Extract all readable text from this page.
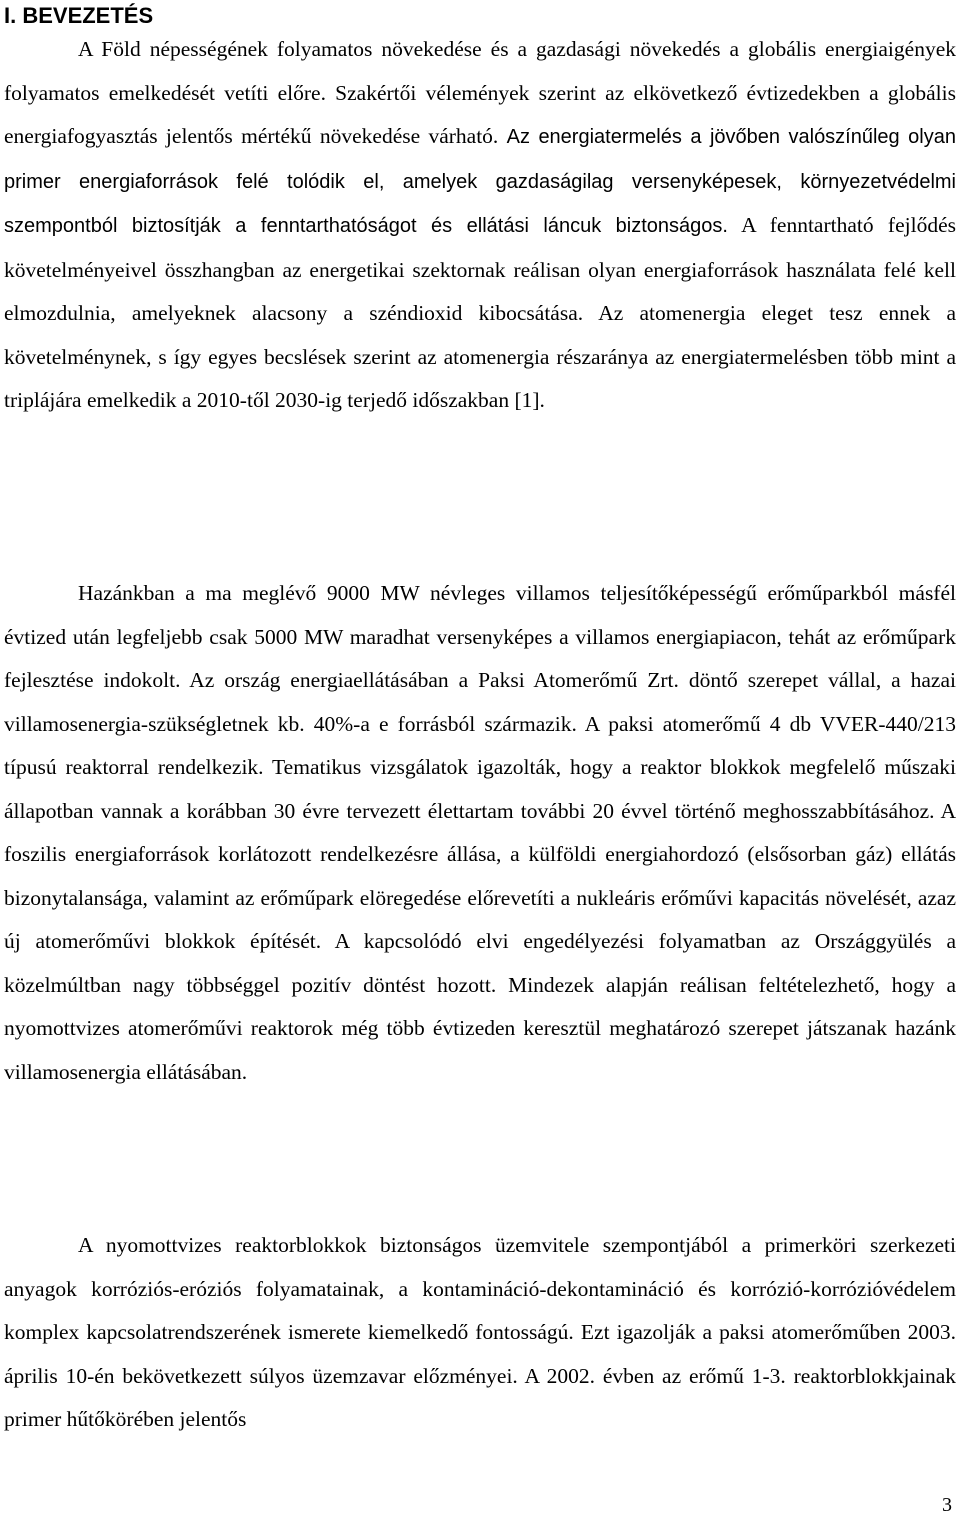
I. BEVEZETÉS

A Föld népességének folyamatos növekedése és a gazdasági növekedés a globális energiaigények folyamatos emelkedését vetíti előre. Szakértői vélemények szerint az elkövetkező évtizedekben a globális energiafogyasztás jelentős mértékű növekedése várható. Az energiatermelés a jövőben valószínűleg olyan primer energiaforrások felé tolódik el, amelyek gazdaságilag versenyképesek, környezetvédelmi szempontból biztosítják a fenntarthatóságot és ellátási láncuk biztonságos. A fenntartható fejlődés követelményeivel összhangban az energetikai szektornak reálisan olyan energiaforrások használata felé kell elmozdulnia, amelyeknek alacsony a széndioxid kibocsátása. Az atomenergia eleget tesz ennek a követelménynek, s így egyes becslések szerint az atomenergia részaránya az energiatermelésben több mint a triplájára emelkedik a 2010-től 2030-ig terjedő időszakban [1].

Hazánkban a ma meglévő 9000 MW névleges villamos teljesítőképességű erőműparkból másfél évtized után legfeljebb csak 5000 MW maradhat versenyképes a villamos energiapiacon, tehát az erőműpark fejlesztése indokolt. Az ország energiaellátásában a Paksi Atomerőmű Zrt. döntő szerepet vállal, a hazai villamosenergia-szükségletnek kb. 40%-a e forrásból származik. A paksi atomerőmű 4 db VVER-440/213 típusú reaktorral rendelkezik. Tematikus vizsgálatok igazolták, hogy a reaktor blokkok megfelelő műszaki állapotban vannak a korábban 30 évre tervezett élettartam további 20 évvel történő meghosszabbításához. A foszilis energiaforrások korlátozott rendelkezésre állása, a külföldi energiahordozó (elsősorban gáz) ellátás bizonytalansága, valamint az erőműpark elöregedése előrevetíti a nukleáris erőművi kapacitás növelését, azaz új atomerőművi blokkok építését. A kapcsolódó elvi engedélyezési folyamatban az Országgyülés a közelmúltban nagy többséggel pozitív döntést hozott. Mindezek alapján reálisan feltételezhető, hogy a nyomottvizes atomerőművi reaktorok még több évtizeden keresztül meghatározó szerepet játszanak hazánk villamosenergia ellátásában.

A nyomottvizes reaktorblokkok biztonságos üzemvitele szempontjából a primerköri szerkezeti anyagok korróziós-eróziós folyamatainak, a kontamináció-dekontamináció és korrózió-korrózióvédelem komplex kapcsolatrendszerének ismerete kiemelkedő fontosságú. Ezt igazolják a paksi atomerőműben 2003. április 10-én bekövetkezett súlyos üzemzavar előzményei. A 2002. évben az erőmű 1-3. reaktorblokkjainak primer hűtőkörében jelentős

3
